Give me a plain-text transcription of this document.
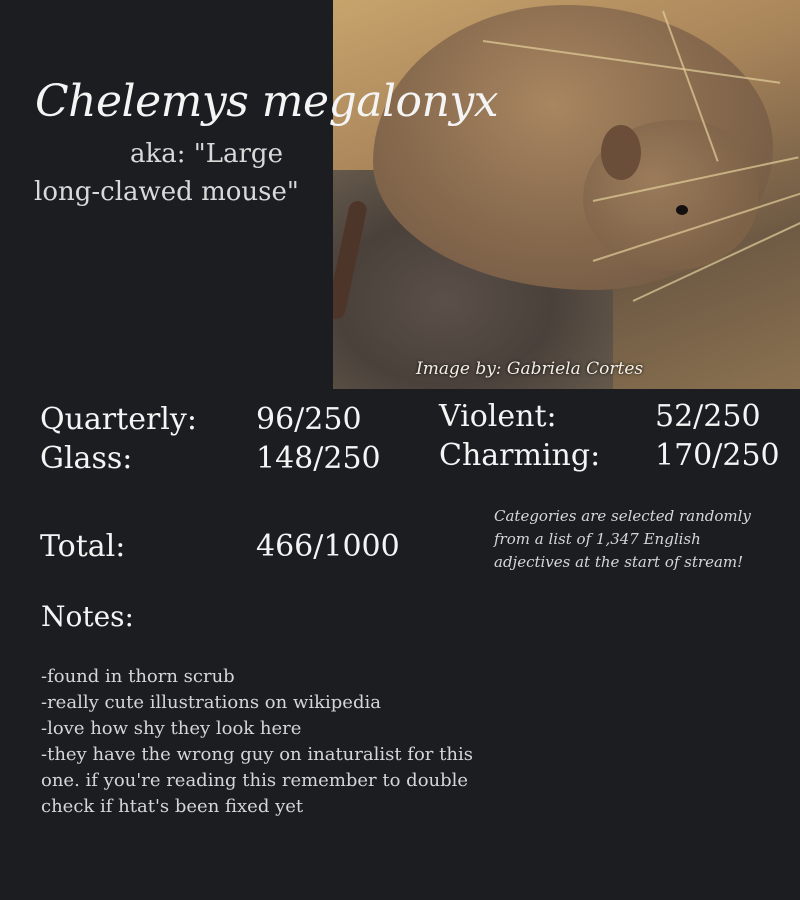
Image by: Gabriela Cortes
Chelemys megalonyx
aka: "Large long-clawed mouse"
Quarterly: 96/250
Glass:	148/250
Violent:	52/250
Charming: 170/250
Total:	466/1000
Categories are selected randomly from a list of 1,347 English adjectives at the start of stream!
Notes:
-found in thorn scrub
-really cute illustrations on wikipedia
-love how shy they look here
-they have the wrong guy on inaturalist for this one. if you're reading this remember to double check if htat's been fixed yet
